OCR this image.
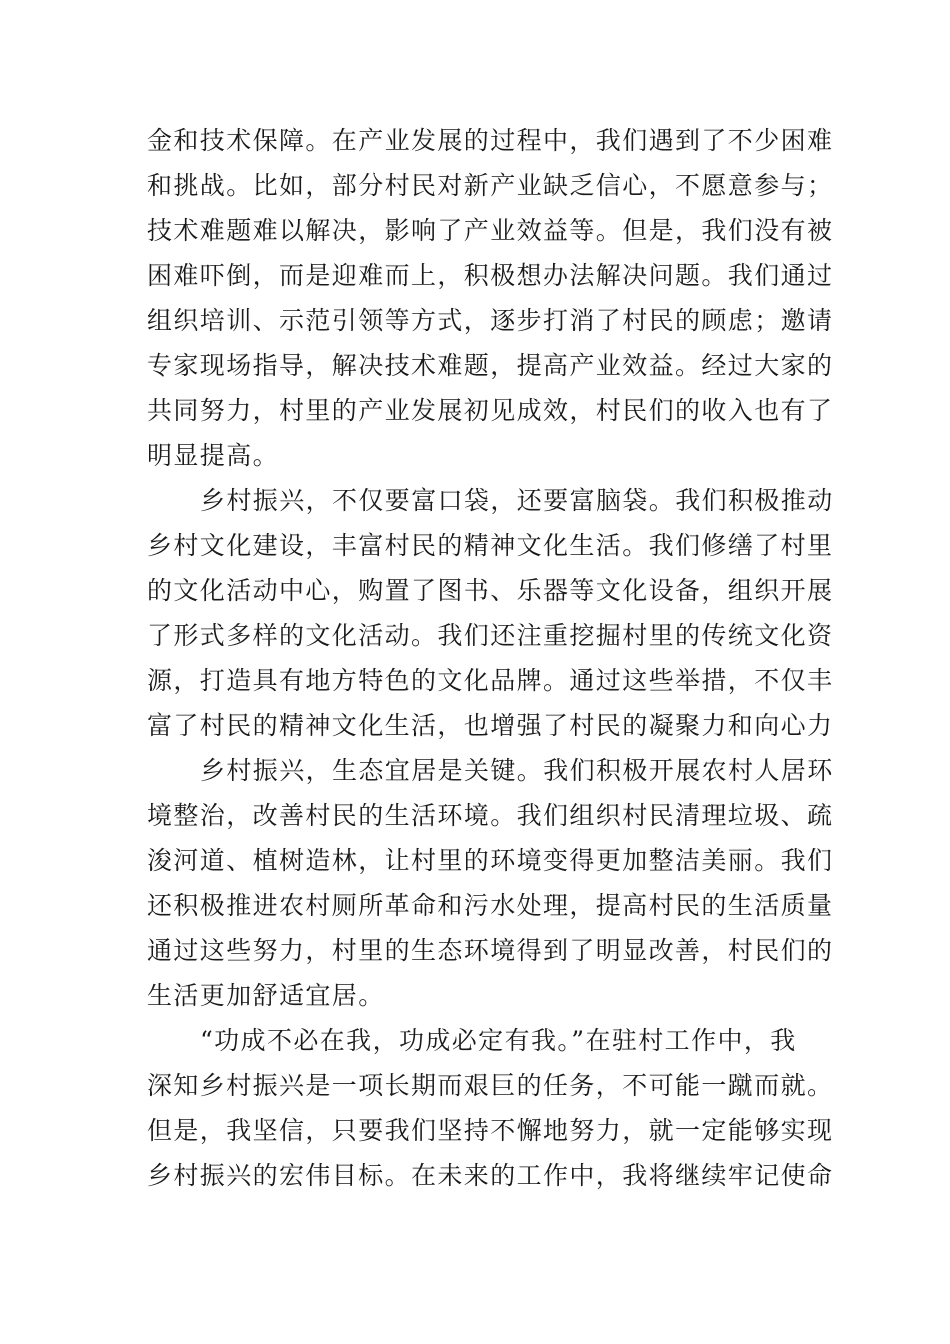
金和技术保障。在产业发展的过程中，我们遇到了不少困难
和挑战。比如，部分村民对新产业缺乏信心，不愿意参与；
技术难题难以解决，影响了产业效益等。但是，我们没有被
困难吓倒，而是迎难而上，积极想办法解决问题。我们通过
组织培训、示范引领等方式，逐步打消了村民的顾虑；邀请
专家现场指导，解决技术难题，提高产业效益。经过大家的
共同努力，村里的产业发展初见成效，村民们的收入也有了
明显提高。
乡村振兴，不仅要富口袋，还要富脑袋。我们积极推动
乡村文化建设，丰富村民的精神文化生活。我们修缮了村里
的文化活动中心，购置了图书、乐器等文化设备，组织开展
了形式多样的文化活动。我们还注重挖掘村里的传统文化资
源，打造具有地方特色的文化品牌。通过这些举措，不仅丰
富了村民的精神文化生活，也增强了村民的凝聚力和向心力
乡村振兴，生态宜居是关键。我们积极开展农村人居环
境整治，改善村民的生活环境。我们组织村民清理垃圾、疏
浚河道、植树造林，让村里的环境变得更加整洁美丽。我们
还积极推进农村厕所革命和污水处理，提高村民的生活质量
通过这些努力，村里的生态环境得到了明显改善，村民们的
生活更加舒适宜居。
“功成不必在我，功成必定有我。”在驻村工作中，我
深知乡村振兴是一项长期而艰巨的任务，不可能一蹴而就。
但是，我坚信，只要我们坚持不懈地努力，就一定能够实现
乡村振兴的宏伟目标。在未来的工作中，我将继续牢记使命
